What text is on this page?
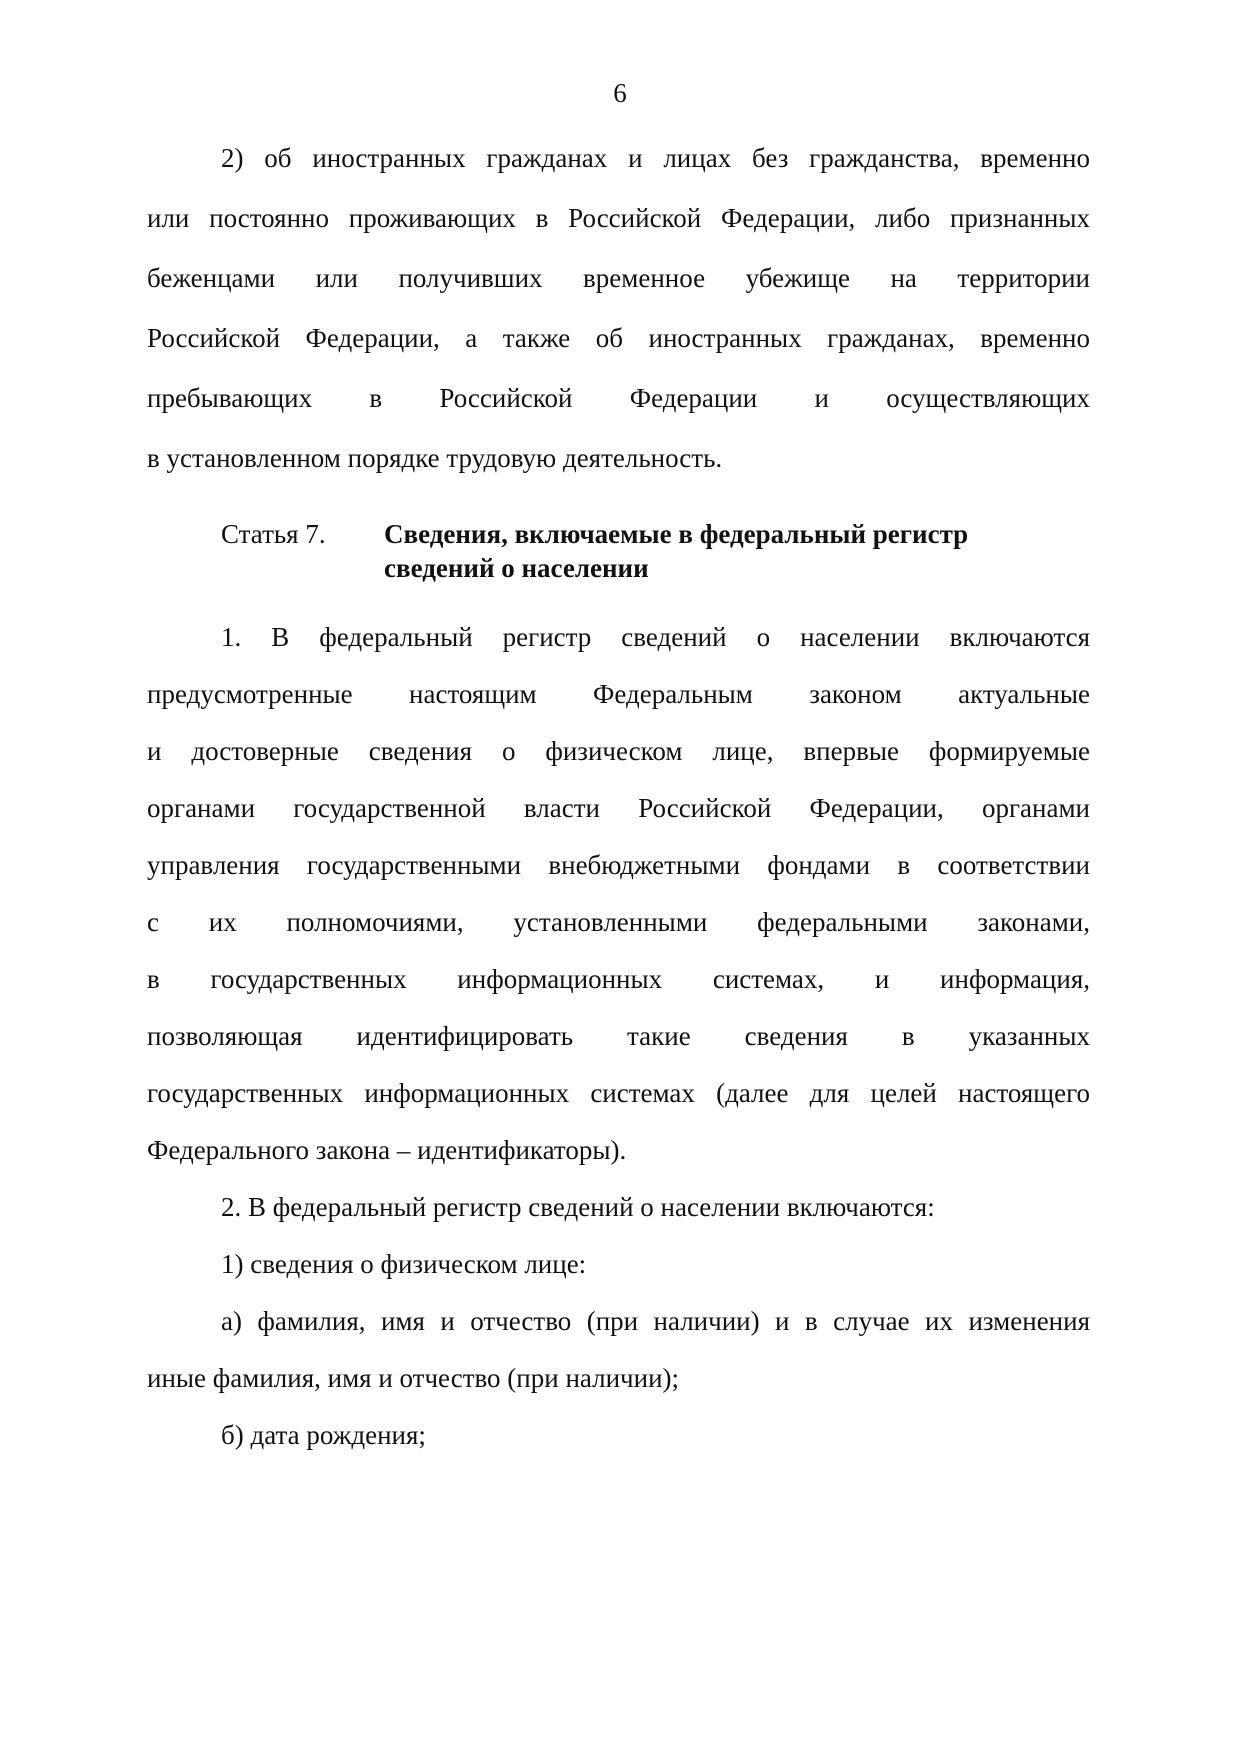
6
2) об иностранных гражданах и лицах без гражданства, временно
или постоянно проживающих в Российской Федерации, либо признанных
беженцами или получивших временное убежище на территории
Российской Федерации, а также об иностранных гражданах, временно
пребывающих в Российской Федерации и осуществляющих
в установленном порядке трудовую деятельность.
Статья 7. Сведения, включаемые в федеральный регистр
сведений о населении
1. В федеральный регистр сведений о населении включаются
предусмотренные настоящим Федеральным законом актуальные
и достоверные сведения о физическом лице, впервые формируемые
органами государственной власти Российской Федерации, органами
управления государственными внебюджетными фондами в соответствии
с их полномочиями, установленными федеральными законами,
в государственных информационных системах, и информация,
позволяющая идентифицировать такие сведения в указанных
государственных информационных системах (далее для целей настоящего
Федерального закона – идентификаторы).
2. В федеральный регистр сведений о населении включаются:
1) сведения о физическом лице:
а) фамилия, имя и отчество (при наличии) и в случае их изменения
иные фамилия, имя и отчество (при наличии);
б) дата рождения;
